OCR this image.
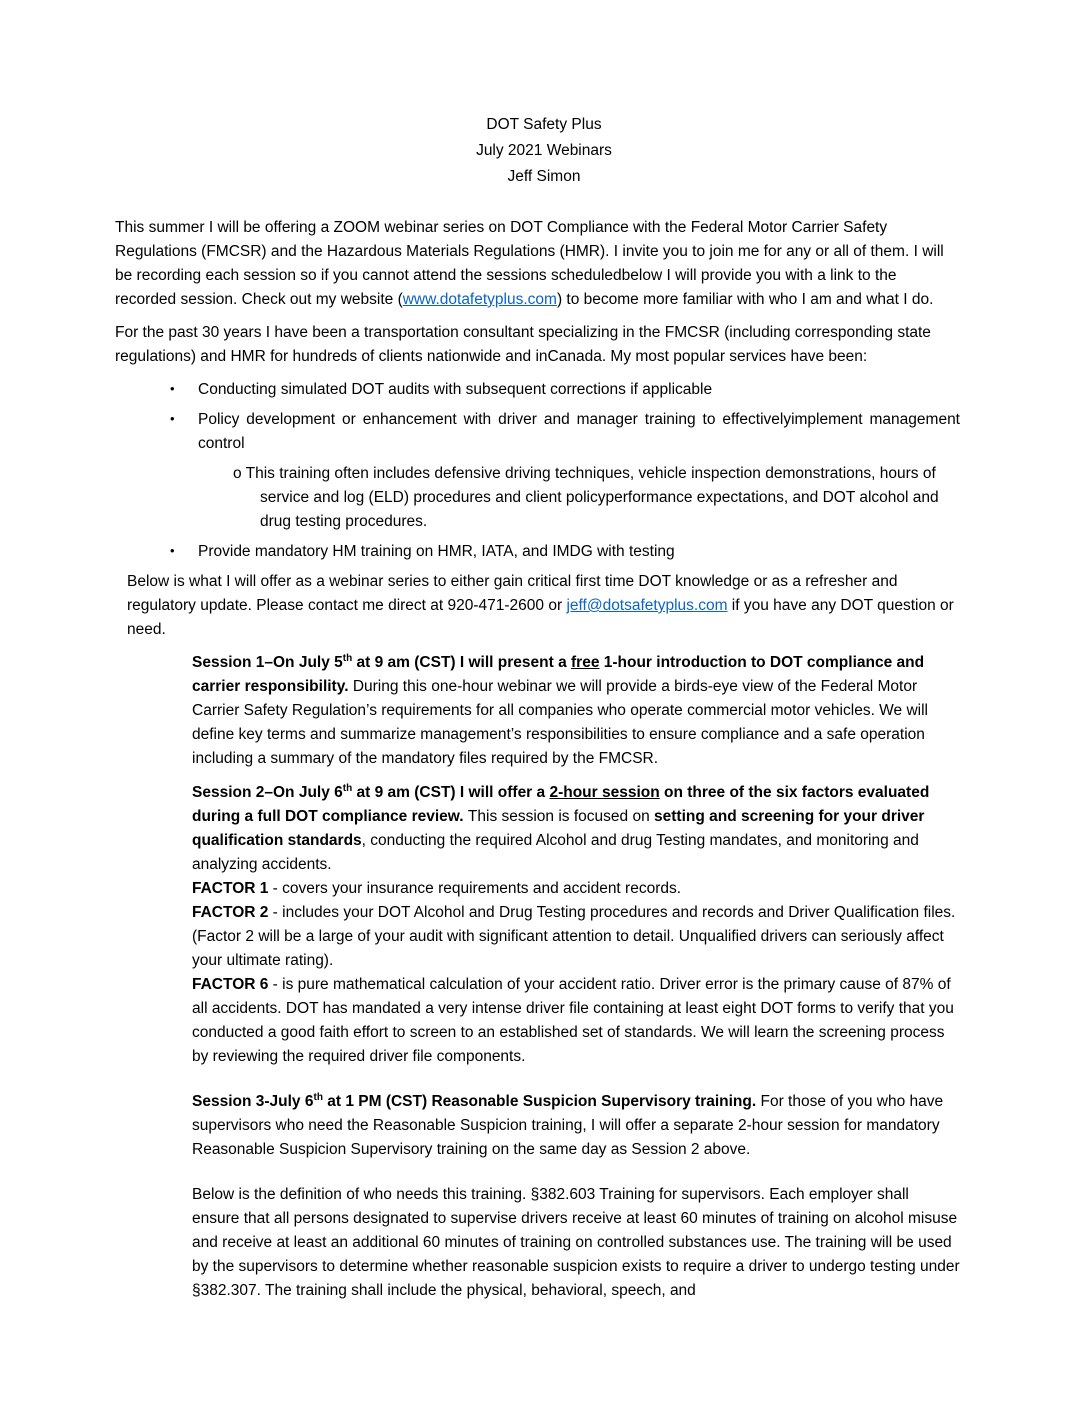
DOT Safety Plus
July 2021 Webinars
Jeff Simon
This summer I will be offering a ZOOM webinar series on DOT Compliance with the Federal Motor Carrier Safety Regulations (FMCSR) and the Hazardous Materials Regulations (HMR). I invite you to join me for any or all of them. I will be recording each session so if you cannot attend the sessions scheduledbelow I will provide you with a link to the recorded session. Check out my website (www.dotafetyplus.com) to become more familiar with who I am and what I do.
For the past 30 years I have been a transportation consultant specializing in the FMCSR (including corresponding state regulations) and HMR for hundreds of clients nationwide and inCanada. My most popular services have been:
• Conducting simulated DOT audits with subsequent corrections if applicable
• Policy development or enhancement with driver and manager training to effectivelyimplement management control
o This training often includes defensive driving techniques, vehicle inspection demonstrations, hours of service and log (ELD) procedures and client policyperformance expectations, and DOT alcohol and drug testing procedures.
• Provide mandatory HM training on HMR, IATA, and IMDG with testing
Below is what I will offer as a webinar series to either gain critical first time DOT knowledge or as a refresher and regulatory update. Please contact me direct at 920-471-2600 or jeff@dotsafetyplus.com if you have any DOT question or need.
Session 1–On July 5th at 9 am (CST) I will present a free 1-hour introduction to DOT compliance and carrier responsibility. During this one-hour webinar we will provide a birds-eye view of the Federal Motor Carrier Safety Regulation’s requirements for all companies who operate commercial motor vehicles. We will define key terms and summarize management’s responsibilities to ensure compliance and a safe operation including a summary of the mandatory files required by the FMCSR.
Session 2–On July 6th at 9 am (CST) I will offer a 2-hour session on three of the six factors evaluated during a full DOT compliance review. This session is focused on setting and screening for your driver qualification standards, conducting the required Alcohol and drug Testing mandates, and monitoring and analyzing accidents.
FACTOR 1 - covers your insurance requirements and accident records.
FACTOR 2 - includes your DOT Alcohol and Drug Testing procedures and records and Driver Qualification files. (Factor 2 will be a large of your audit with significant attention to detail. Unqualified drivers can seriously affect your ultimate rating).
FACTOR 6 - is pure mathematical calculation of your accident ratio. Driver error is the primary cause of 87% of all accidents. DOT has mandated a very intense driver file containing at least eight DOT forms to verify that you conducted a good faith effort to screen to an established set of standards. We will learn the screening process by reviewing the required driver file components.
Session 3-July 6th at 1 PM (CST) Reasonable Suspicion Supervisory training. For those of you who have supervisors who need the Reasonable Suspicion training, I will offer a separate 2-hour session for mandatory Reasonable Suspicion Supervisory training on the same day as Session 2 above.
Below is the definition of who needs this training. §382.603 Training for supervisors. Each employer shall ensure that all persons designated to supervise drivers receive at least 60 minutes of training on alcohol misuse and receive at least an additional 60 minutes of training on controlled substances use. The training will be used by the supervisors to determine whether reasonable suspicion exists to require a driver to undergo testing under §382.307. The training shall include the physical, behavioral, speech, and
